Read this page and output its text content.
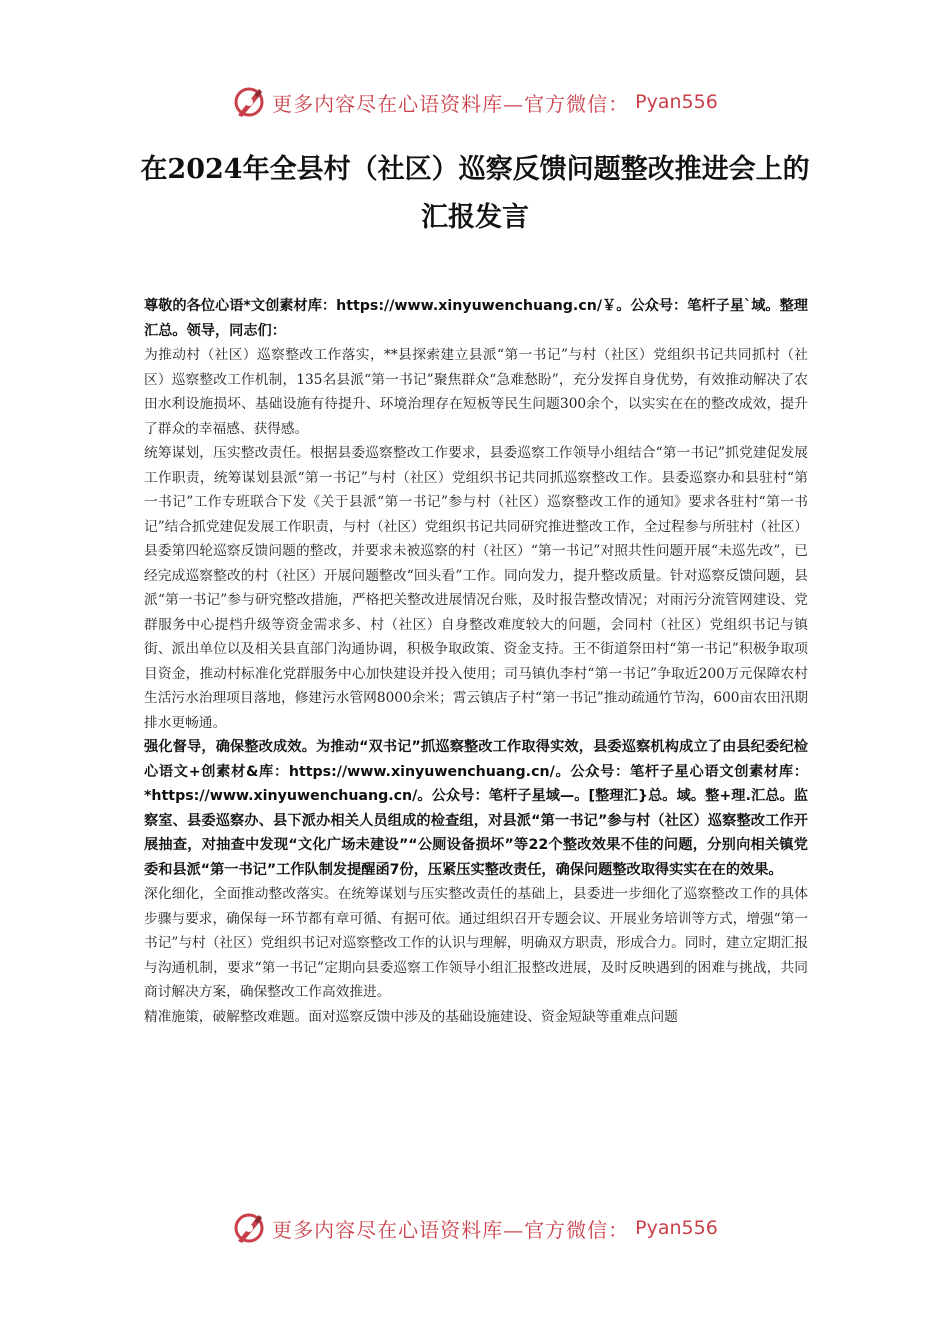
更多内容尽在心语资料库—官方微信： Pyan556
在2024年全县村（社区）巡察反馈问题整改推进会上的汇报发言

尊敬的各位心语*文创素材库：https://www.xinyuwenchuang.cn/￥。公众号：笔杆子星`域。整理汇总。领导，同志们：

为推动村（社区）巡察整改工作落实，**县探索建立县派“第一书记”与村（社区）党组织书记共同抓村（社区）巡察整改工作机制，135名县派“第一书记”聚焦群众“急难愁盼”，充分发挥自身优势，有效推动解决了农田水利设施损坏、基础设施有待提升、环境治理存在短板等民生问题300余个，以实实在在的整改成效，提升了群众的幸福感、获得感。

统筹谋划，压实整改责任。根据县委巡察整改工作要求，县委巡察工作领导小组结合“第一书记”抓党建促发展工作职责，统筹谋划县派“第一书记”与村（社区）党组织书记共同抓巡察整改工作。县委巡察办和县驻村“第一书记”工作专班联合下发《关于县派“第一书记”参与村（社区）巡察整改工作的通知》要求各驻村“第一书记”结合抓党建促发展工作职责，与村（社区）党组织书记共同研究推进整改工作，全过程参与所驻村（社区）县委第四轮巡察反馈问题的整改，并要求未被巡察的村（社区）“第一书记”对照共性问题开展“未巡先改”，已经完成巡察整改的村（社区）开展问题整改“回头看”工作。同向发力，提升整改质量。针对巡察反馈问题，县派“第一书记”参与研究整改措施，严格把关整改进展情况台账，及时报告整改情况；对雨污分流管网建设、党群服务中心提档升级等资金需求多、村（社区）自身整改难度较大的问题，会同村（社区）党组织书记与镇街、派出单位以及相关县直部门沟通协调，积极争取政策、资金支持。王不街道祭田村“第一书记”积极争取项目资金，推动村标准化党群服务中心加快建设并投入使用；司马镇仇李村“第一书记”争取近200万元保障农村生活污水治理项目落地，修建污水管网8000余米；霄云镇店子村“第一书记”推动疏通竹节沟，600亩农田汛期排水更畅通。

强化督导，确保整改成效。为推动“双书记”抓巡察整改工作取得实效，县委巡察机构成立了由县纪委纪检心语文+创素材&库：https://www.xinyuwenchuang.cn/。公众号：笔杆子星心语文创素材库：*https://www.xinyuwenchuang.cn/。公众号：笔杆子星域—。[整理汇}总。域。整+理.汇总。监察室、县委巡察办、县下派办相关人员组成的检查组，对县派“第一书记”参与村（社区）巡察整改工作开展抽查，对抽查中发现“文化广场未建设”“公厕设备损坏”等22个整改效果不佳的问题，分别向相关镇党委和县派“第一书记”工作队制发提醒函7份，压紧压实整改责任，确保问题整改取得实实在在的效果。

深化细化，全面推动整改落实。在统筹谋划与压实整改责任的基础上，县委进一步细化了巡察整改工作的具体步骤与要求，确保每一环节都有章可循、有据可依。通过组织召开专题会议、开展业务培训等方式，增强“第一书记”与村（社区）党组织书记对巡察整改工作的认识与理解，明确双方职责，形成合力。同时，建立定期汇报与沟通机制，要求“第一书记”定期向县委巡察工作领导小组汇报整改进展，及时反映遇到的困难与挑战，共同商讨解决方案，确保整改工作高效推进。

精准施策，破解整改难题。面对巡察反馈中涉及的基础设施建设、资金短缺等重难点问题

更多内容尽在心语资料库—官方微信： Pyan556
